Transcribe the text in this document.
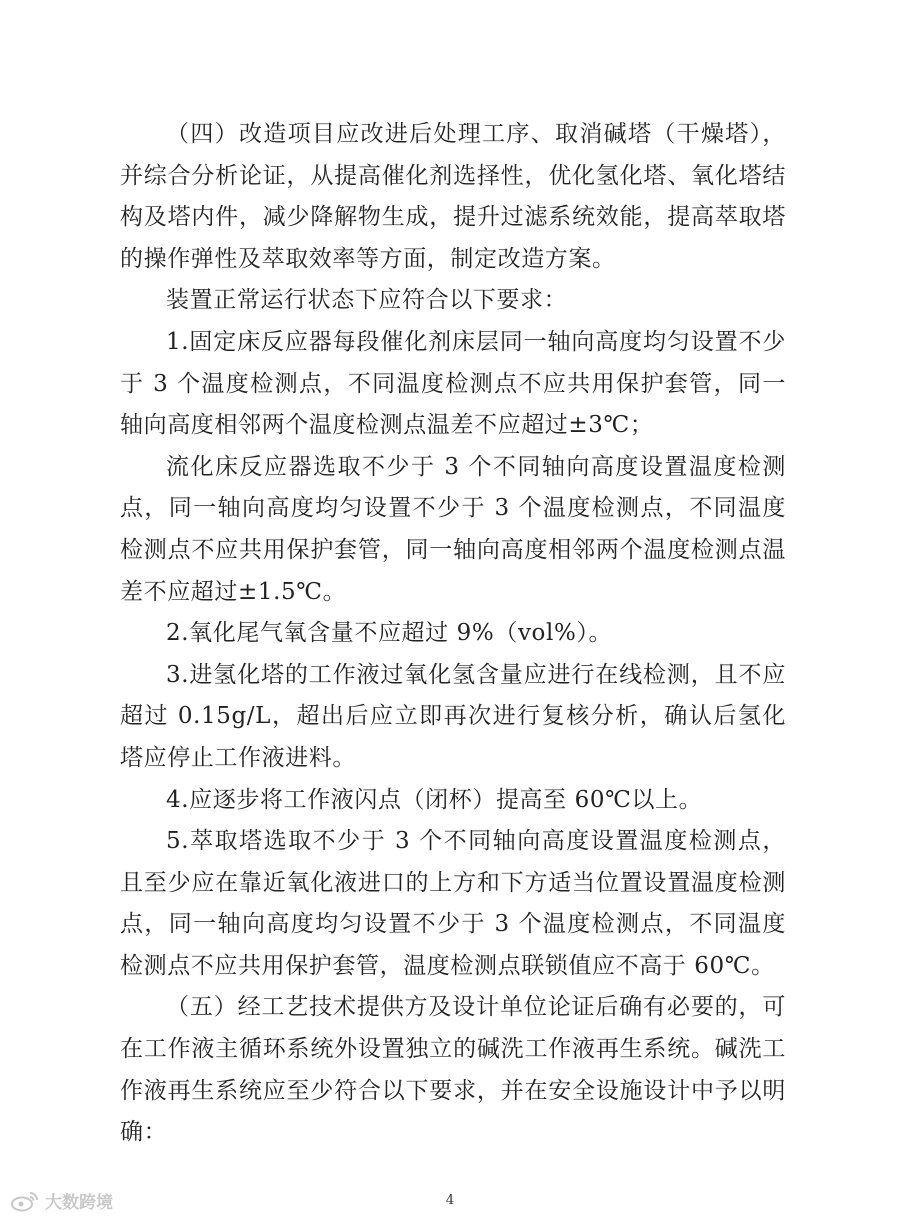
（四）改造项目应改进后处理工序、取消碱塔（干燥塔），并综合分析论证，从提高催化剂选择性，优化氢化塔、氧化塔结构及塔内件，减少降解物生成，提升过滤系统效能，提高萃取塔的操作弹性及萃取效率等方面，制定改造方案。

装置正常运行状态下应符合以下要求：

1.固定床反应器每段催化剂床层同一轴向高度均匀设置不少于 3 个温度检测点，不同温度检测点不应共用保护套管，同一轴向高度相邻两个温度检测点温差不应超过±3℃；

流化床反应器选取不少于 3 个不同轴向高度设置温度检测点，同一轴向高度均匀设置不少于 3 个温度检测点，不同温度检测点不应共用保护套管，同一轴向高度相邻两个温度检测点温差不应超过±1.5℃。

2.氧化尾气氧含量不应超过 9%（vol%）。

3.进氢化塔的工作液过氧化氢含量应进行在线检测，且不应超过 0.15g/L，超出后应立即再次进行复核分析，确认后氢化塔应停止工作液进料。

4.应逐步将工作液闪点（闭杯）提高至 60℃以上。

5.萃取塔选取不少于 3 个不同轴向高度设置温度检测点，且至少应在靠近氧化液进口的上方和下方适当位置设置温度检测点，同一轴向高度均匀设置不少于 3 个温度检测点，不同温度检测点不应共用保护套管，温度检测点联锁值应不高于 60℃。

（五）经工艺技术提供方及设计单位论证后确有必要的，可在工作液主循环系统外设置独立的碱洗工作液再生系统。碱洗工作液再生系统应至少符合以下要求，并在安全设施设计中予以明确：

4
大数跨境
